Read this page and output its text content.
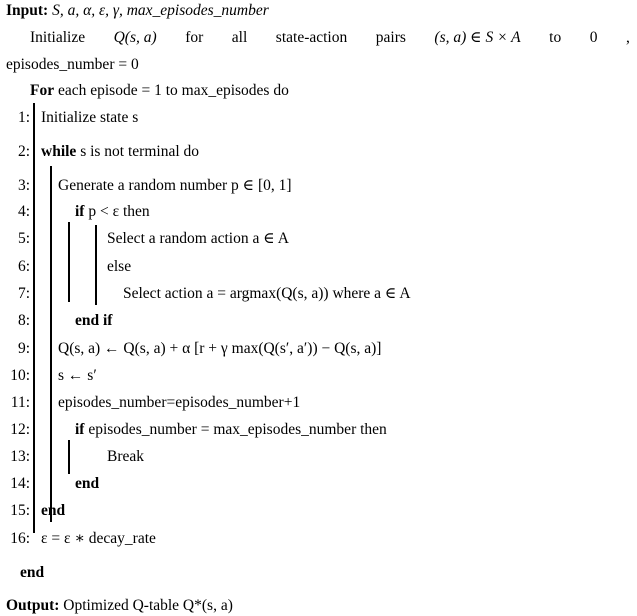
Input: S, a, α, ε, γ, max_episodes_number
Initialize Q(s, a) for all state-action pairs (s, a) ∈ S × A to 0 ,
episodes_number = 0
For each episode = 1 to max_episodes do
1: Initialize state s
2: while s is not terminal do
3: Generate a random number p ∈ [0, 1]
4:	if p < ε then
5:	Select a random action a ∈ A
6:	else
7:	Select action a = argmax(Q(s, a)) where a ∈ A
8:	end if
9: Q(s, a) ← Q(s, a) + α [r + γ max(Q(s′, a′)) − Q(s, a)]
10: s ← s′
11: episodes_number=episodes_number+1
12:	if episodes_number = max_episodes_number then
13:	Break
14:	end
15: end
16: ε = ε ∗ decay_rate
end
Output: Optimized Q-table Q*(s, a)
